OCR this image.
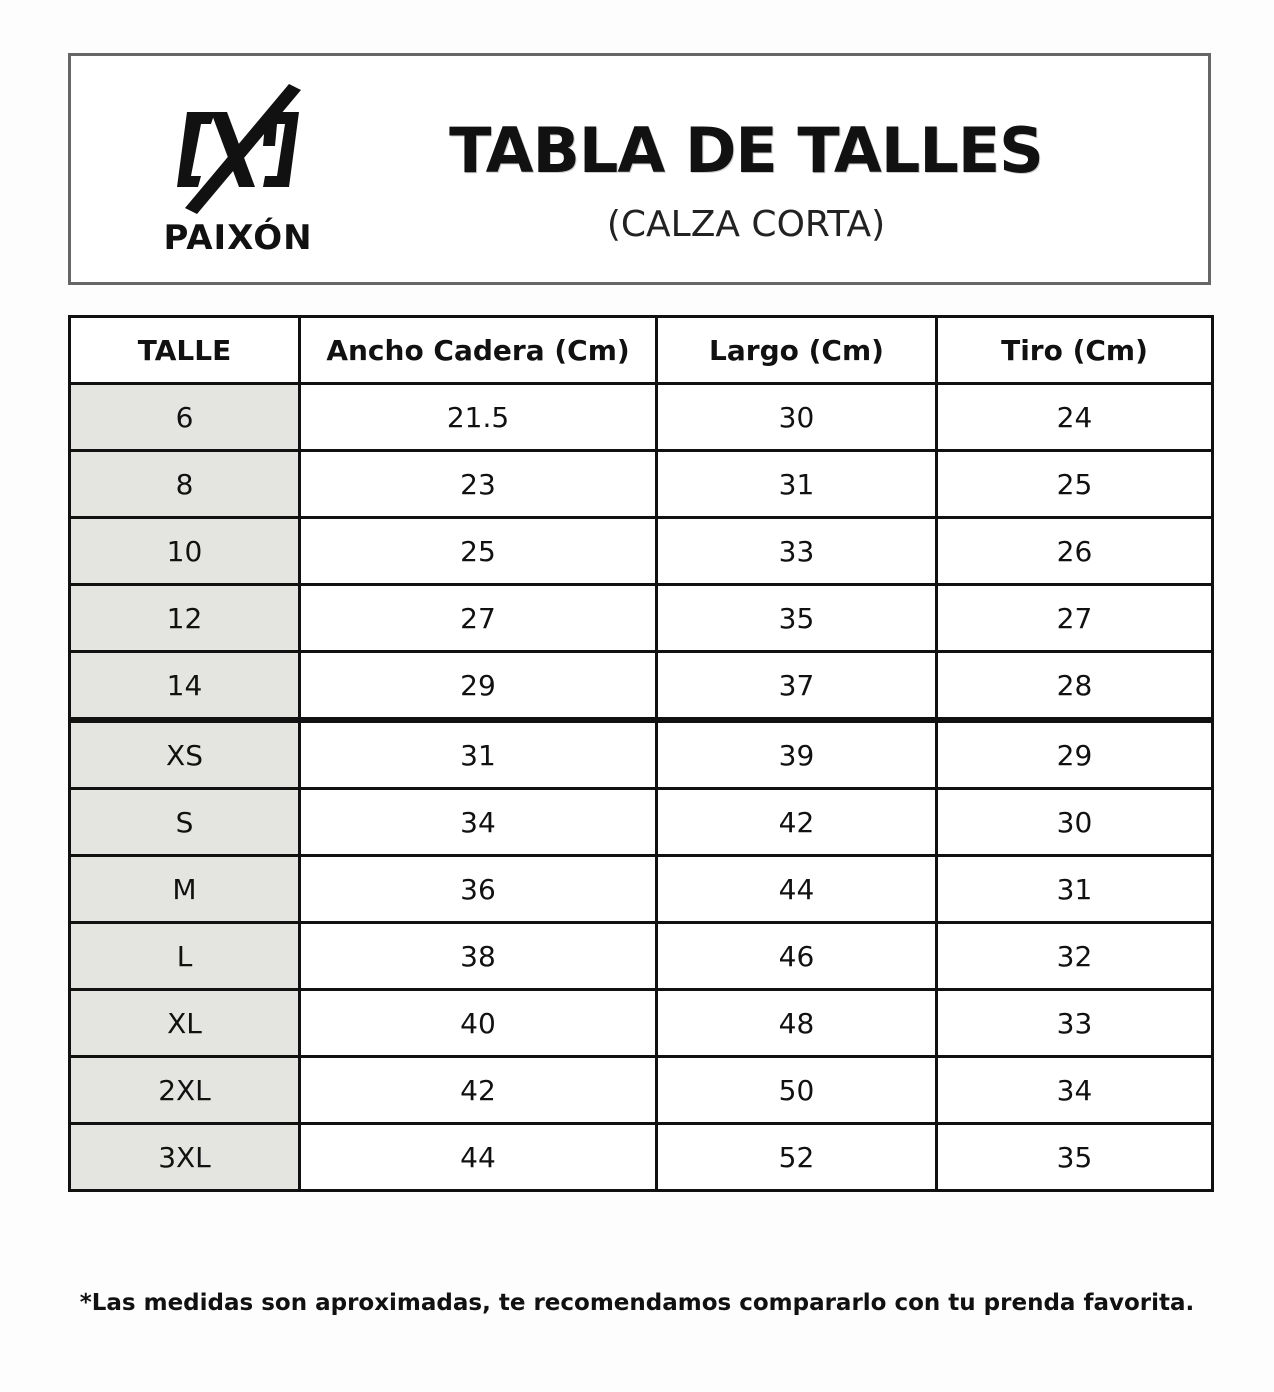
PAIXÓN
TABLA DE TALLES
(CALZA CORTA)
TALLE	Ancho Cadera (Cm)	Largo (Cm)	Tiro (Cm)
6	21.5	30	24
8	23	31	25
10	25	33	26
12	27	35	27
14	29	37	28
XS	31	39	29
S	34	42	30
M	36	44	31
L	38	46	32
XL	40	48	33
2XL	42	50	34
3XL	44	52	35
*Las medidas son aproximadas, te recomendamos compararlo con tu prenda favorita.
